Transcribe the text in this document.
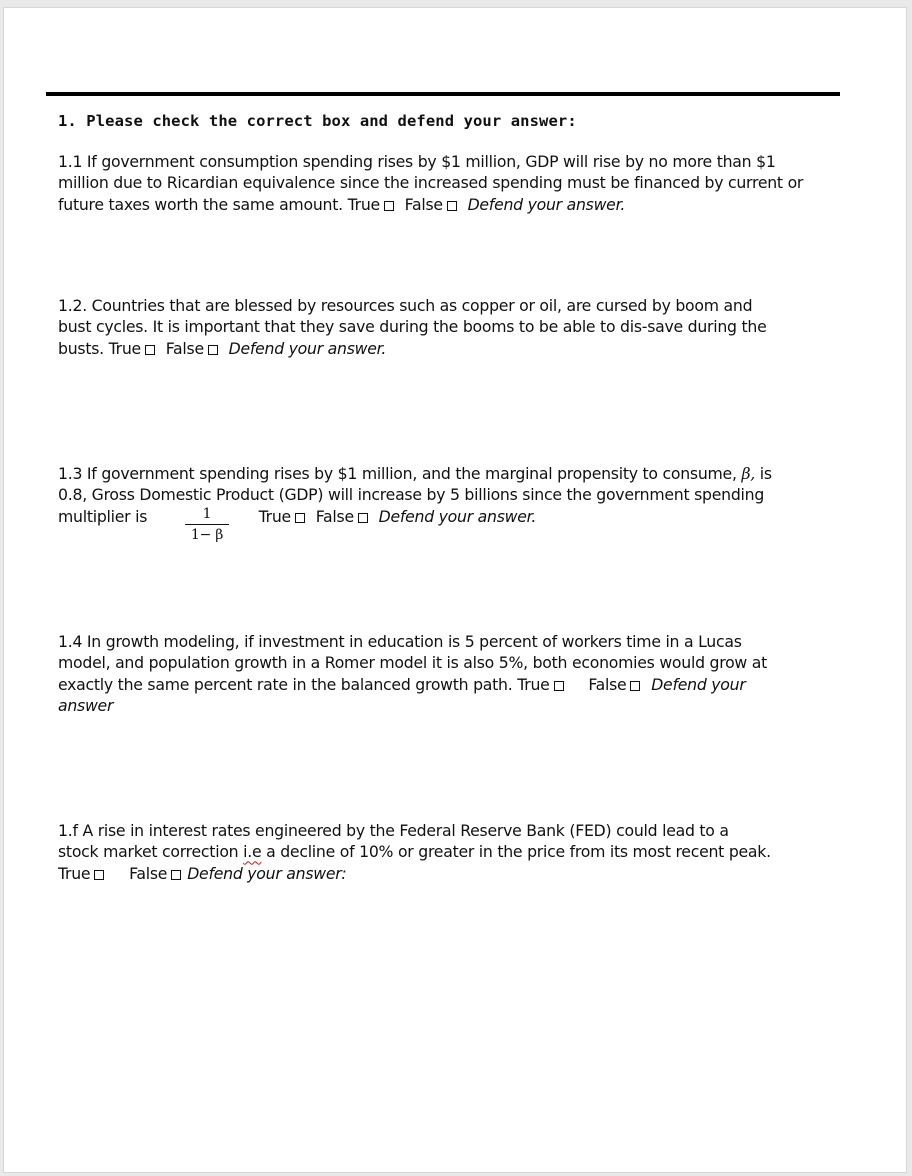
1. Please check the correct box and defend your answer:
1.1 If government consumption spending rises by $1 million, GDP will rise by no more than $1
million due to Ricardian equivalence since the increased spending must be financed by current or
future taxes worth the same amount. True False Defend your answer.
1.2. Countries that are blessed by resources such as copper or oil, are cursed by boom and
bust cycles. It is important that they save during the booms to be able to dis-save during the
busts. True False Defend your answer.
1.3 If government spending rises by $1 million, and the marginal propensity to consume, β, is
0.8, Gross Domestic Product (GDP) will increase by 5 billions since the government spending
multiplier is	True False Defend your answer.
$\frac{1}{1- \beta}$
1.4 In growth modeling, if investment in education is 5 percent of workers time in a Lucas
model, and population growth in a Romer model it is also 5%, both economies would grow at
exactly the same percent rate in the balanced growth path. True False Defend your
answer
1.f A rise in interest rates engineered by the Federal Reserve Bank (FED) could lead to a
stock market correction i.e a decline of 10% or greater in the price from its most recent peak.
True False Defend your answer:
